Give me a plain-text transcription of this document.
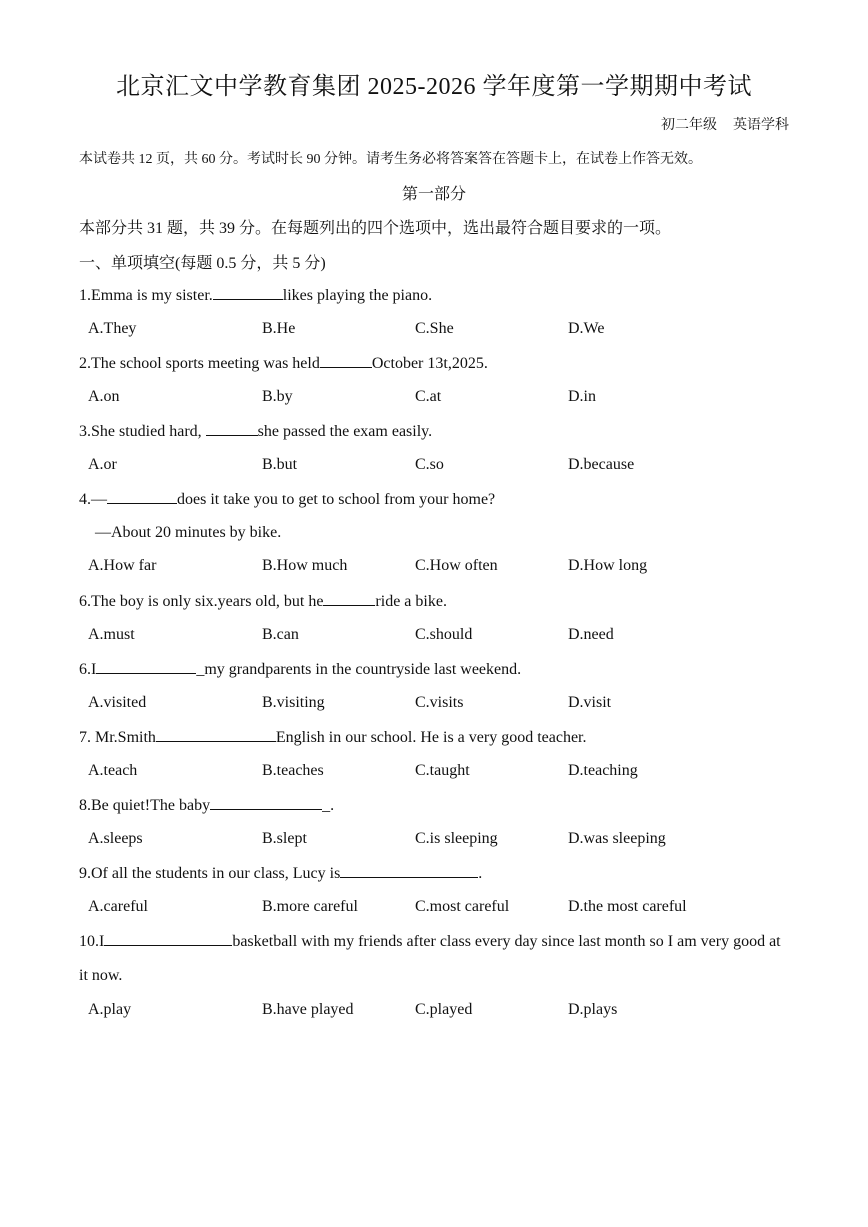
北京汇文中学教育集团 2025-2026 学年度第一学期期中考试
初二年级 英语学科
本试卷共 12 页，共 60 分。考试时长 90 分钟。请考生务必将答案答在答题卡上，在试卷上作答无效。
第一部分
本部分共 31 题，共 39 分。在每题列出的四个选项中，选出最符合题目要求的一项。
一、单项填空(每题 0.5 分，共 5 分)
1.Emma is my sister.	likes playing the piano.
A.They	B.He	C.She	D.We
2.The school sports meeting was held	October 13t,2025.
A.on	B.by	C.at	D.in
3.She studied hard,	she passed the exam easily.
A.or	B.but	C.so	D.because
4.—	does it take you to get to school from your home?
—About 20 minutes by bike.
A.How far	B.How much	C.How often	D.How long
6.The boy is only six.years old, but he	ride a bike.
A.must	B.can	C.should	D.need
6.I	_my grandparents in the countryside last weekend.
A.visited	B.visiting	C.visits	D.visit
7. Mr.Smith	English in our school. He is a very good teacher.
A.teach	B.teaches	C.taught	D.teaching
8.Be quiet!The baby	_.
A.sleeps	B.slept	C.is sleeping	D.was sleeping
9.Of all the students in our class, Lucy is	.
A.careful	B.more careful	C.most careful	D.the most careful
10.I	basketball with my friends after class every day since last month so I am very good at it now.
A.play	B.have played	C.played	D.plays
